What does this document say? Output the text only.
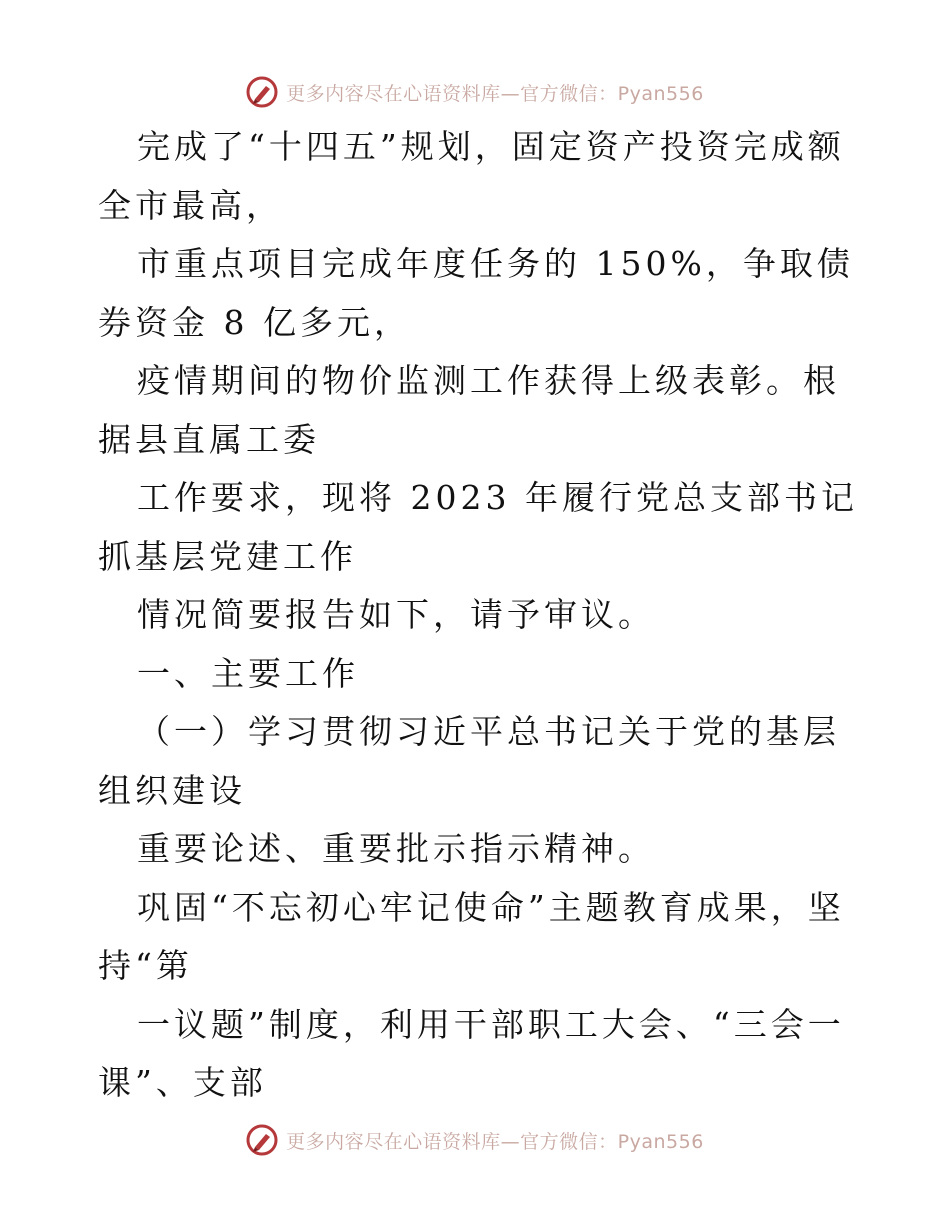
更多内容尽在心语资料库—官方微信：Pyan556

完成了“十四五”规划，固定资产投资完成额全市最高，

市重点项目完成年度任务的 150%，争取债券资金 8 亿多元，

疫情期间的物价监测工作获得上级表彰。根据县直属工委

工作要求，现将 2023 年履行党总支部书记抓基层党建工作

情况简要报告如下，请予审议。

一、主要工作

（一）学习贯彻习近平总书记关于党的基层组织建设

重要论述、重要批示指示精神。

巩固“不忘初心牢记使命”主题教育成果，坚持“第

一议题”制度，利用干部职工大会、“三会一课”、支部

更多内容尽在心语资料库—官方微信：Pyan556
